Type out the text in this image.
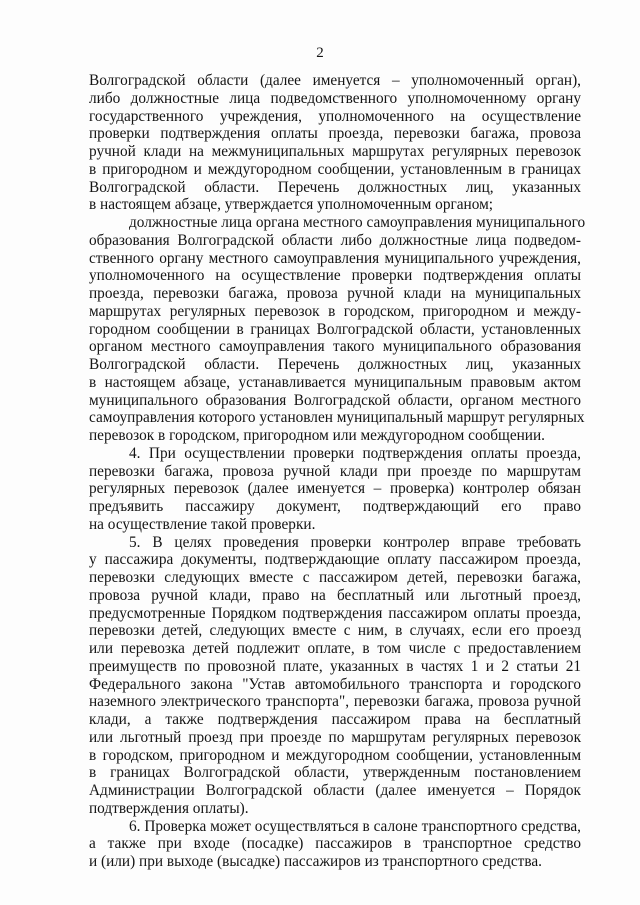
2
Волгоградской области (далее именуется – уполномоченный орган),
либо должностные лица подведомственного уполномоченному органу
государственного учреждения, уполномоченного на осуществление
проверки подтверждения оплаты проезда, перевозки багажа, провоза
ручной клади на межмуниципальных маршрутах регулярных перевозок
в пригородном и междугородном сообщении, установленным в границах
Волгоградской области. Перечень должностных лиц, указанных
в настоящем абзаце, утверждается уполномоченным органом;
должностные лица органа местного самоуправления муниципального
образования Волгоградской области либо должностные лица подведом-
ственного органу местного самоуправления муниципального учреждения,
уполномоченного на осуществление проверки подтверждения оплаты
проезда, перевозки багажа, провоза ручной клади на муниципальных
маршрутах регулярных перевозок в городском, пригородном и между-
городном сообщении в границах Волгоградской области, установленных
органом местного самоуправления такого муниципального образования
Волгоградской области. Перечень должностных лиц, указанных
в настоящем абзаце, устанавливается муниципальным правовым актом
муниципального образования Волгоградской области, органом местного
самоуправления которого установлен муниципальный маршрут регулярных
перевозок в городском, пригородном или междугородном сообщении.
4. При осуществлении проверки подтверждения оплаты проезда,
перевозки багажа, провоза ручной клади при проезде по маршрутам
регулярных перевозок (далее именуется – проверка) контролер обязан
предъявить пассажиру документ, подтверждающий его право
на осуществление такой проверки.
5. В целях проведения проверки контролер вправе требовать
у пассажира документы, подтверждающие оплату пассажиром проезда,
перевозки следующих вместе с пассажиром детей, перевозки багажа,
провоза ручной клади, право на бесплатный или льготный проезд,
предусмотренные Порядком подтверждения пассажиром оплаты проезда,
перевозки детей, следующих вместе с ним, в случаях, если его проезд
или перевозка детей подлежит оплате, в том числе с предоставлением
преимуществ по провозной плате, указанных в частях 1 и 2 статьи 21
Федерального закона "Устав автомобильного транспорта и городского
наземного электрического транспорта", перевозки багажа, провоза ручной
клади, а также подтверждения пассажиром права на бесплатный
или льготный проезд при проезде по маршрутам регулярных перевозок
в городском, пригородном и междугородном сообщении, установленным
в границах Волгоградской области, утвержденным постановлением
Администрации Волгоградской области (далее именуется – Порядок
подтверждения оплаты).
6. Проверка может осуществляться в салоне транспортного средства,
а также при входе (посадке) пассажиров в транспортное средство
и (или) при выходе (высадке) пассажиров из транспортного средства.
